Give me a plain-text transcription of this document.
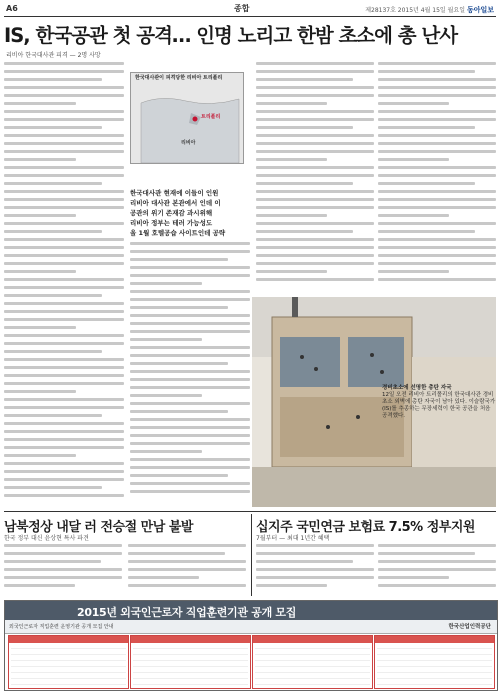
A6	종합	제28137호 2015년 4월 15일 월요일 동아일보
IS, 한국공관 첫 공격… 인명 노리고 한밤 초소에 총 난사
리비아 한국대사관 피격 — 2명 사망
한국대사관이 피격당한 리비아 트리폴리
트리폴리
리비아
한국대사관 현재에 이들이 인원
리비아 대사관 본관에서 인데 이
공관의 위기 존재감 과시위해
리비아 정부는 테러 가능성도
올 1월 호텔공습 사이트인데 공략
경비초소에 선명한 총탄 자국
12일 오전 리비아 트리폴리의 한국대사관 경비초소 외벽에 총탄 자국이 남아 있다. 이슬람국가(IS)를 추종하는 무장세력이 한국 공관을 처음 공격했다.
남북정상 내달 러 전승절 만남 불발
한국 정부 대신 윤상현 특사 파견
십지주 국민연금 보험료 7.5% 정부지원
7월부터 — 최대 1년간 혜택
2015년 외국인근로자 직업훈련기관 공개 모집
외국인근로자 직업훈련 운영기관 공개 모집 안내	한국산업인력공단
